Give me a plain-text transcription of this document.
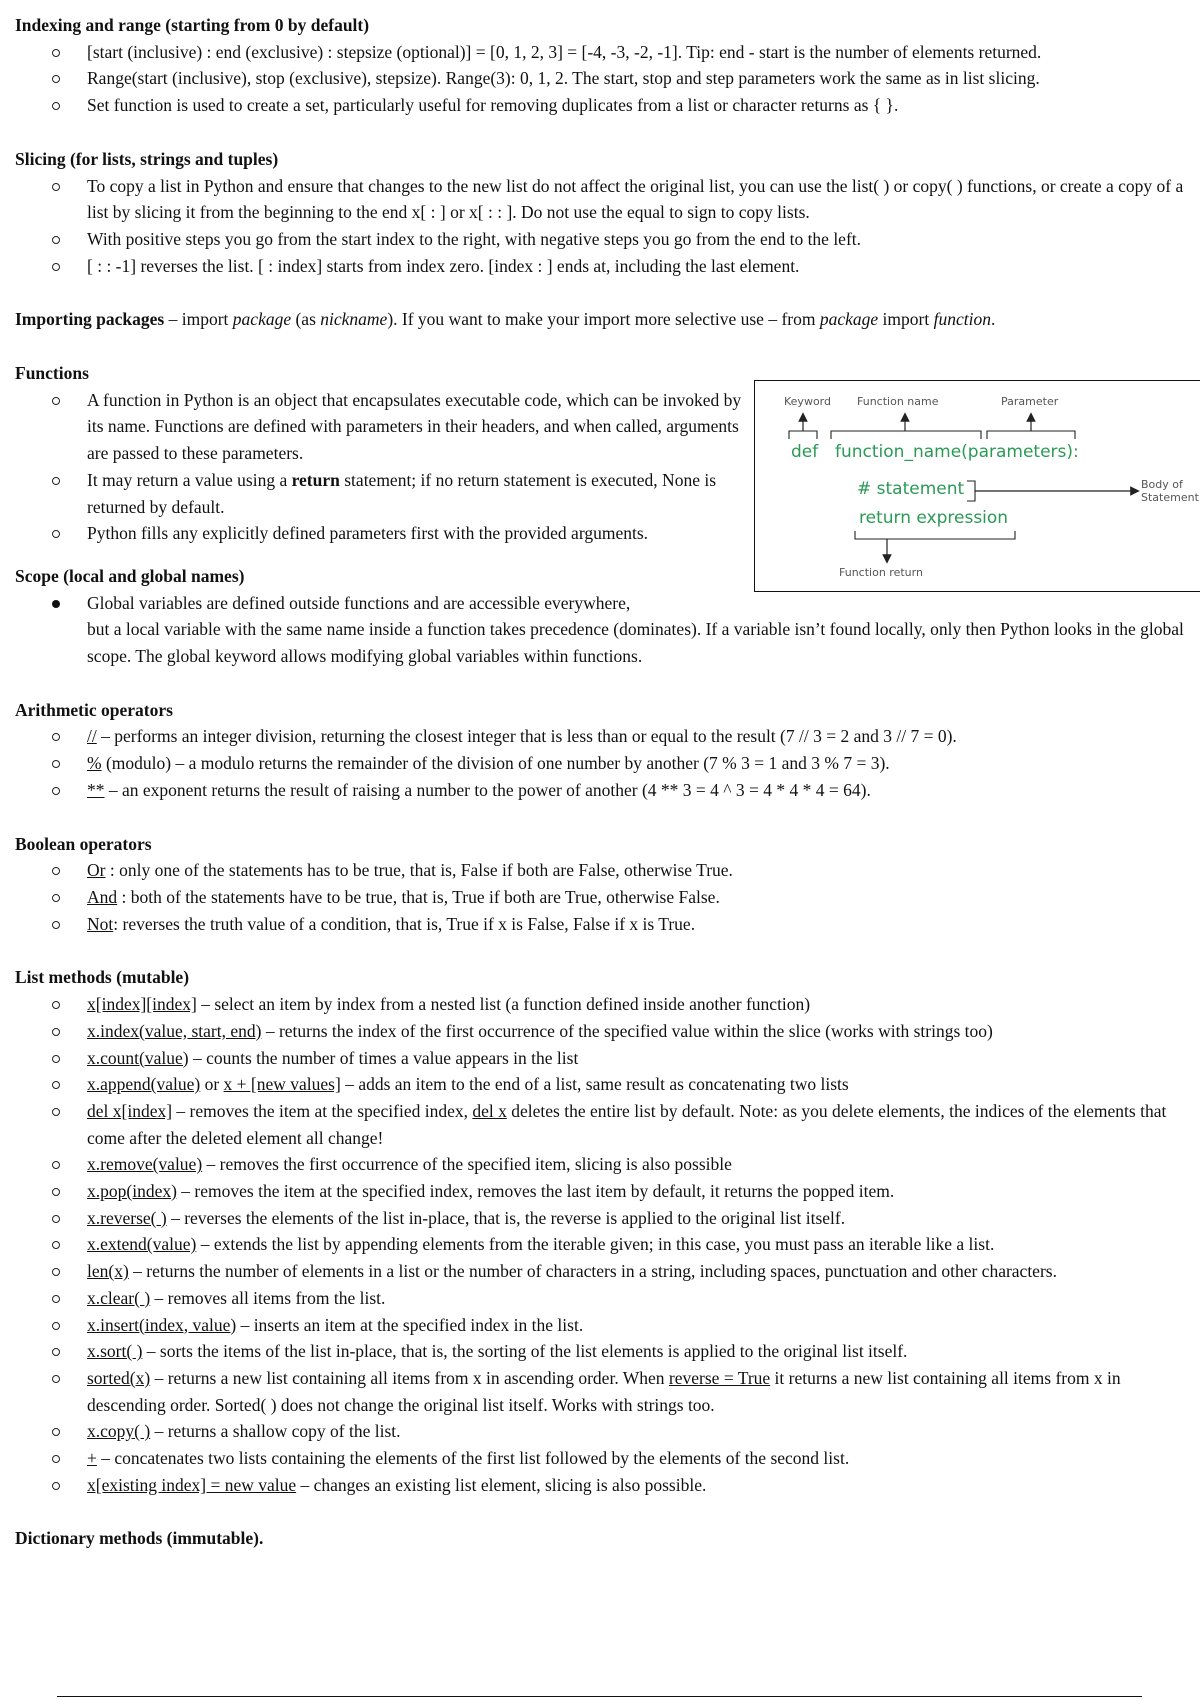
Indexing and range (starting from 0 by default)

[start (inclusive) : end (exclusive) : stepsize (optional)] = [0, 1, 2, 3] = [-4, -3, -2, -1]. Tip: end - start is the number of elements returned.
Range(start (inclusive), stop (exclusive), stepsize). Range(3): 0, 1, 2. The start, stop and step parameters work the same as in list slicing.
Set function is used to create a set, particularly useful for removing duplicates from a list or character returns as { }.

Slicing (for lists, strings and tuples)

To copy a list in Python and ensure that changes to the new list do not affect the original list, you can use the list( ) or copy( ) functions, or create a copy of a list by slicing it from the beginning to the end x[ : ] or x[ : : ]. Do not use the equal to sign to copy lists.
With positive steps you go from the start index to the right, with negative steps you go from the end to the left.
[ : : -1] reverses the list. [ : index] starts from index zero. [index : ] ends at, including the last element.

Importing packages – import package (as nickname). If you want to make your import more selective use – from package import function.

Functions

A function in Python is an object that encapsulates executable code, which can be invoked by its name. Functions are defined with parameters in their headers, and when called, arguments are passed to these parameters.
It may return a value using a return statement; if no return statement is executed, None is returned by default.
Python fills any explicitly defined parameters first with the provided arguments.

Scope (local and global names)

Global variables are defined outside functions and are accessible everywhere,
but a local variable with the same name inside a function takes precedence (dominates). If a variable isn’t found locally, only then Python looks in the global scope. The global keyword allows modifying global variables within functions.

Arithmetic operators

// – performs an integer division, returning the closest integer that is less than or equal to the result (7 // 3 = 2 and 3 // 7 = 0).
% (modulo) – a modulo returns the remainder of the division of one number by another (7 % 3 = 1 and 3 % 7 = 3).
** – an exponent returns the result of raising a number to the power of another (4 ** 3 = 4 ^ 3 = 4 * 4 * 4 = 64).

Boolean operators

Or : only one of the statements has to be true, that is, False if both are False, otherwise True.
And : both of the statements have to be true, that is, True if both are True, otherwise False.
Not: reverses the truth value of a condition, that is, True if x is False, False if x is True.

List methods (mutable)

x[index][index] – select an item by index from a nested list (a function defined inside another function)
x.index(value, start, end) – returns the index of the first occurrence of the specified value within the slice (works with strings too)
x.count(value) – counts the number of times a value appears in the list
x.append(value) or x + [new values] – adds an item to the end of a list, same result as concatenating two lists
del x[index] – removes the item at the specified index, del x deletes the entire list by default. Note: as you delete elements, the indices of the elements that come after the deleted element all change!
x.remove(value) – removes the first occurrence of the specified item, slicing is also possible
x.pop(index) – removes the item at the specified index, removes the last item by default, it returns the popped item.
x.reverse( ) – reverses the elements of the list in-place, that is, the reverse is applied to the original list itself.
x.extend(value) – extends the list by appending elements from the iterable given; in this case, you must pass an iterable like a list.
len(x) – returns the number of elements in a list or the number of characters in a string, including spaces, punctuation and other characters.
x.clear( ) – removes all items from the list.
x.insert(index, value) – inserts an item at the specified index in the list.
x.sort( ) – sorts the items of the list in-place, that is, the sorting of the list elements is applied to the original list itself.
sorted(x) – returns a new list containing all items from x in ascending order. When reverse = True it returns a new list containing all items from x in descending order. Sorted( ) does not change the original list itself. Works with strings too.
x.copy( ) – returns a shallow copy of the list.
+ – concatenates two lists containing the elements of the first list followed by the elements of the second list.
x[existing index] = new value – changes an existing list element, slicing is also possible.

Dictionary methods (immutable).

Keyword Function name	Parameter
def function_name(parameters):
# statement
return expression
Body of
Statement
Function return
